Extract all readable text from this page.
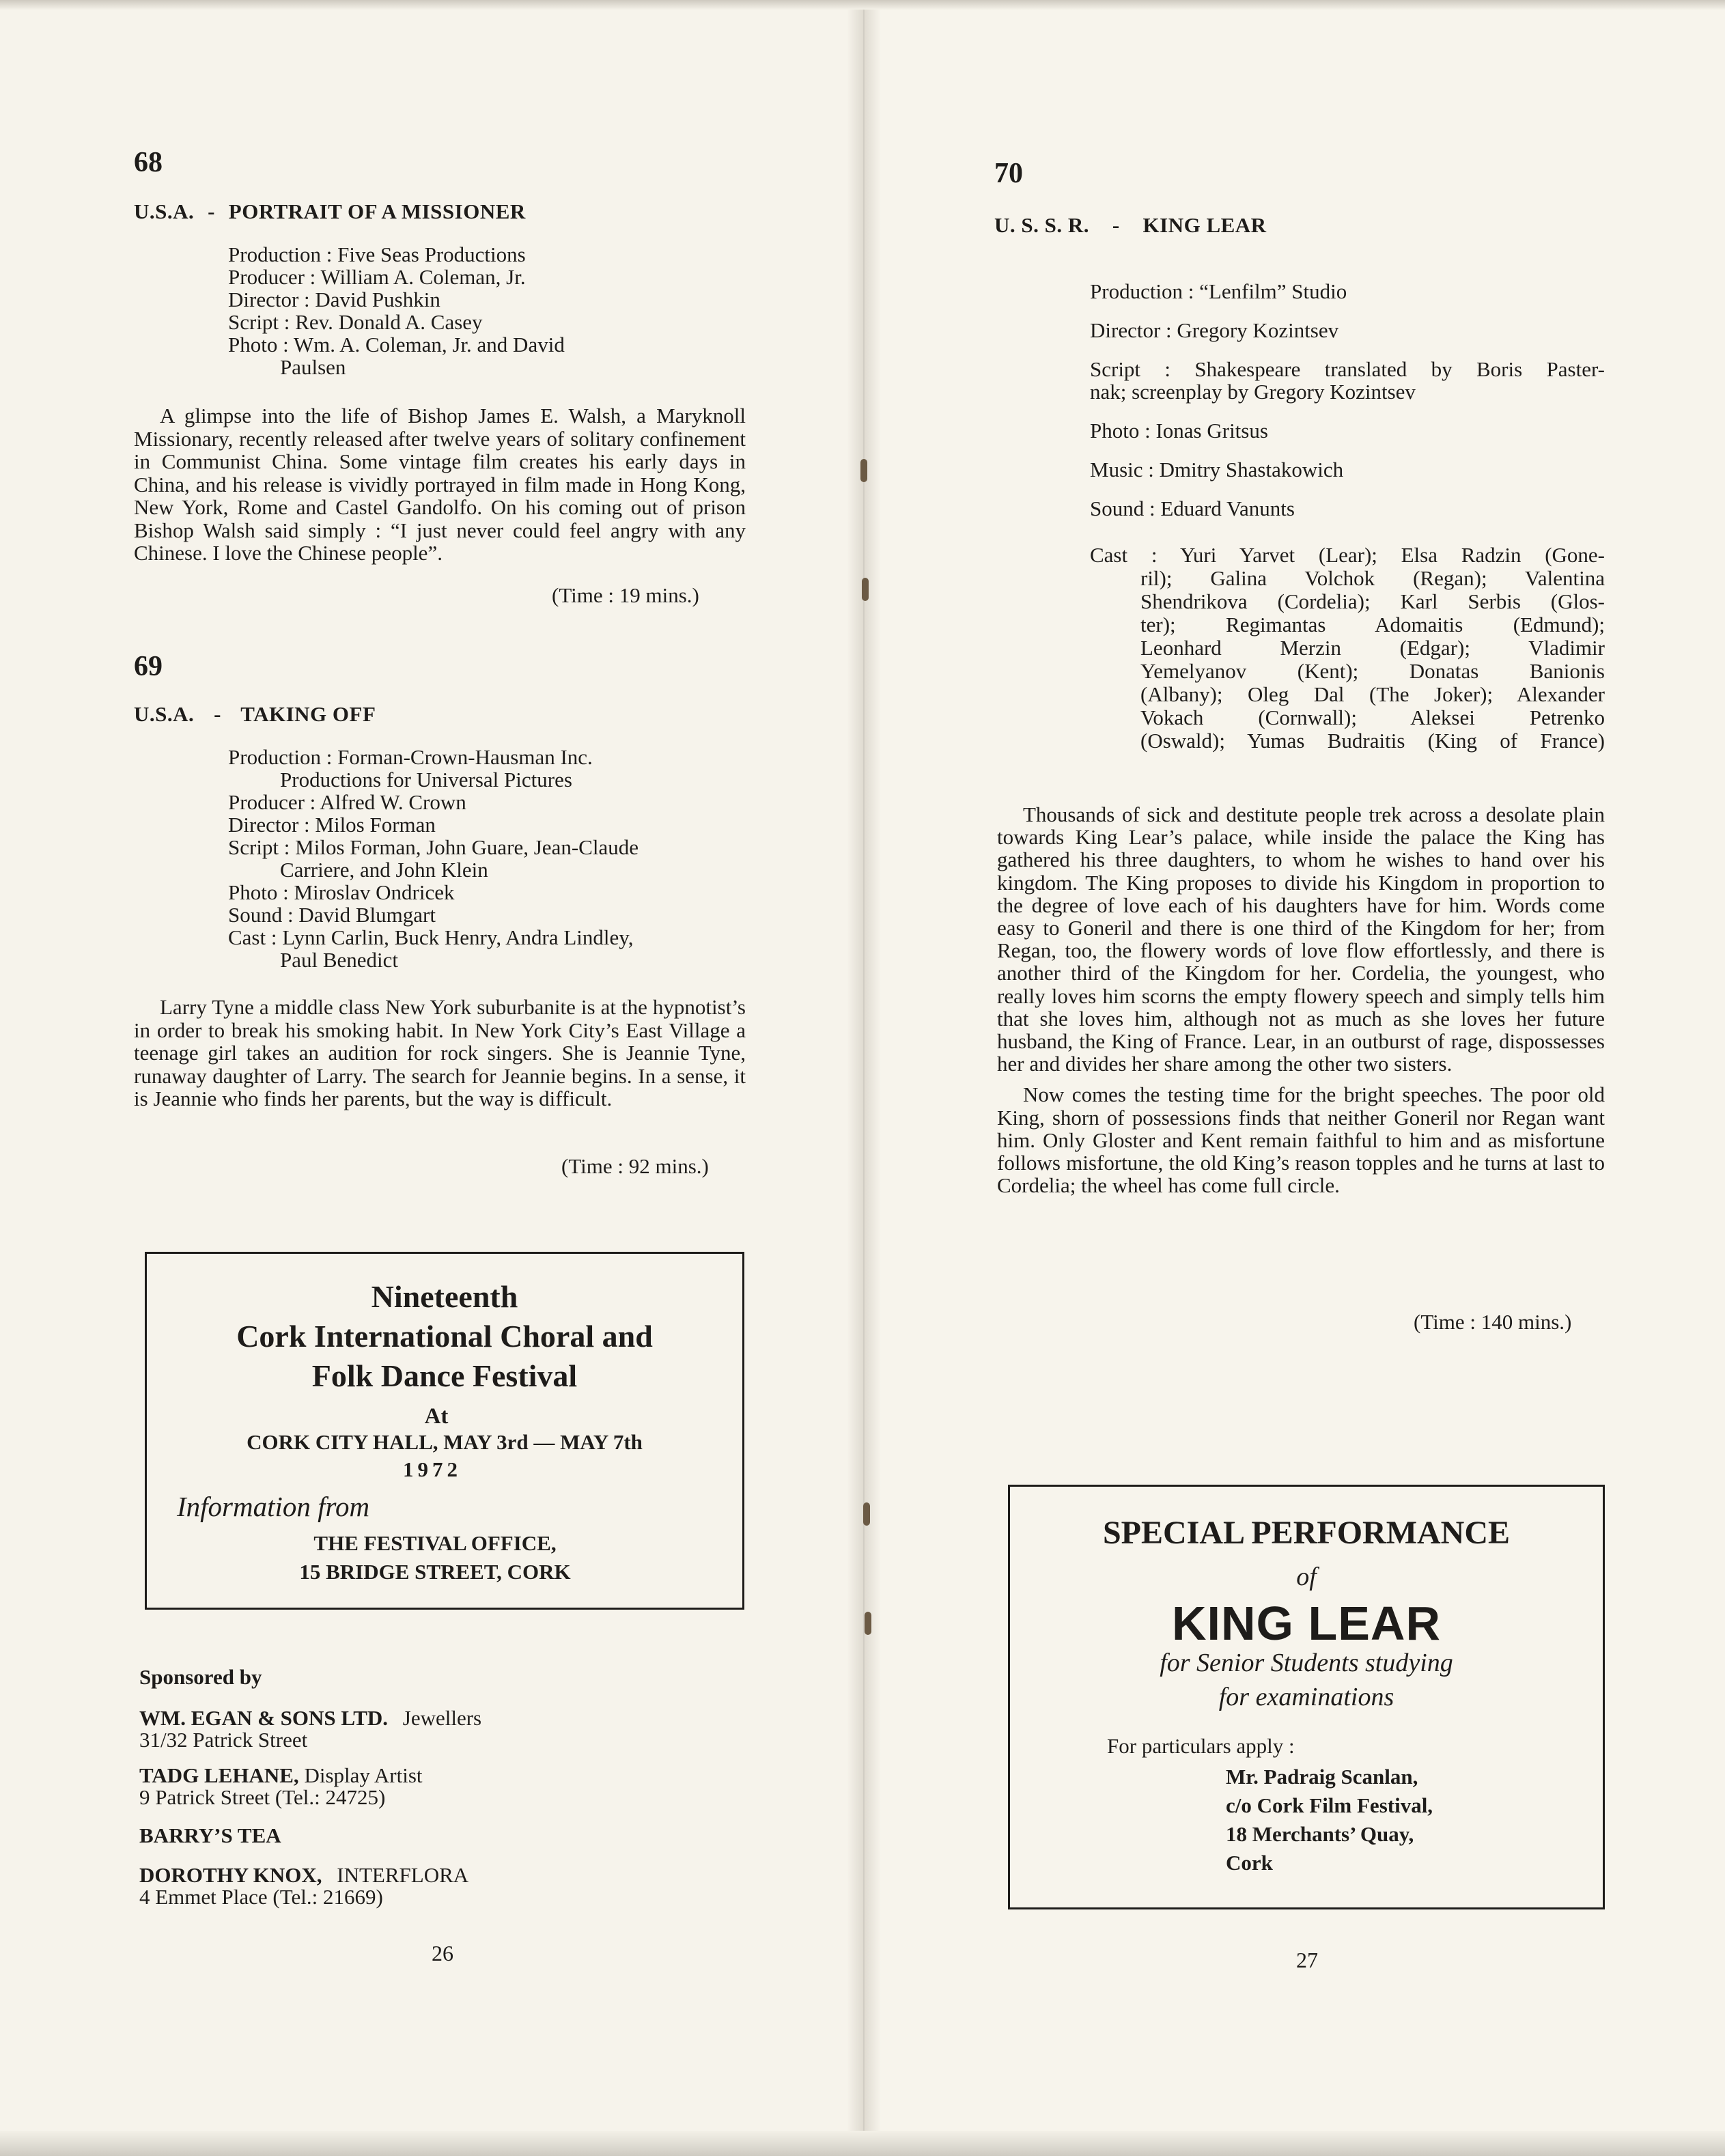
68
U.S.A. - PORTRAIT OF A MISSIONER
Production : Five Seas Productions
Producer : William A. Coleman, Jr.
Director : David Pushkin
Script : Rev. Donald A. Casey
Photo : Wm. A. Coleman, Jr. and David
Paulsen

A glimpse into the life of Bishop James E. Walsh, a Maryknoll Missionary, recently released after twelve years of solitary confinement in Communist China. Some vintage film creates his early days in China, and his release is vividly portrayed in film made in Hong Kong, New York, Rome and Castel Gandolfo. On his coming out of prison Bishop Walsh said simply : “I just never could feel angry with any Chinese. I love the Chinese people”.

(Time : 19 mins.)
69
U.S.A. - TAKING OFF
Production : Forman-Crown-Hausman Inc.
Productions for Universal Pictures
Producer : Alfred W. Crown
Director : Milos Forman
Script : Milos Forman, John Guare, Jean-Claude
Carriere, and John Klein
Photo : Miroslav Ondricek
Sound : David Blumgart
Cast : Lynn Carlin, Buck Henry, Andra Lindley,
Paul Benedict

Larry Tyne a middle class New York suburbanite is at the hypnotist’s in order to break his smoking habit. In New York City’s East Village a teenage girl takes an audition for rock singers. She is Jeannie Tyne, runaway daughter of Larry. The search for Jeannie begins. In a sense, it is Jeannie who finds her parents, but the way is difficult.

(Time : 92 mins.)
Nineteenth
Cork International Choral and
Folk Dance Festival
At
CORK CITY HALL, MAY 3rd — MAY 7th
1972
Information from
THE FESTIVAL OFFICE,
15 BRIDGE STREET, CORK
Sponsored by
WM. EGAN & SONS LTD. Jewellers
31/32 Patrick Street
TADG LEHANE, Display Artist
9 Patrick Street (Tel.: 24725)
BARRY’S TEA
DOROTHY KNOX, INTERFLORA
4 Emmet Place (Tel.: 21669)
26
70
U. S. S. R. - KING LEAR
Production : “Lenfilm” Studio
Director : Gregory Kozintsev
Script : Shakespeare translated by Boris Paster-
nak; screenplay by Gregory Kozintsev
Photo : Ionas Gritsus
Music : Dmitry Shastakowich
Sound : Eduard Vanunts
Cast : Yuri Yarvet (Lear); Elsa Radzin (Gone-
ril); Galina Volchok (Regan); Valentina
Shendrikova (Cordelia); Karl Serbis (Glos-
ter); Regimantas Adomaitis (Edmund);
Leonhard Merzin (Edgar); Vladimir
Yemelyanov (Kent); Donatas Banionis
(Albany); Oleg Dal (The Joker); Alexander
Vokach (Cornwall); Aleksei Petrenko
(Oswald); Yumas Budraitis (King of France)

Thousands of sick and destitute people trek across a desolate plain towards King Lear’s palace, while inside the palace the King has gathered his three daughters, to whom he wishes to hand over his kingdom. The King proposes to divide his Kingdom in proportion to the degree of love each of his daughters have for him. Words come easy to Goneril and there is one third of the Kingdom for her; from Regan, too, the flowery words of love flow effortlessly, and there is another third of the Kingdom for her. Cordelia, the youngest, who really loves him scorns the empty flowery speech and simply tells him that she loves him, although not as much as she loves her future husband, the King of France. Lear, in an outburst of rage, dispossesses her and divides her share among the other two sisters.

Now comes the testing time for the bright speeches. The poor old King, shorn of possessions finds that neither Goneril nor Regan want him. Only Gloster and Kent remain faithful to him and as misfortune follows misfortune, the old King’s reason topples and he turns at last to Cordelia; the wheel has come full circle.

(Time : 140 mins.)
SPECIAL PERFORMANCE
of
KING LEAR
for Senior Students studying
for examinations
For particulars apply :
Mr. Padraig Scanlan,
c/o Cork Film Festival,
18 Merchants’ Quay,
Cork
27
